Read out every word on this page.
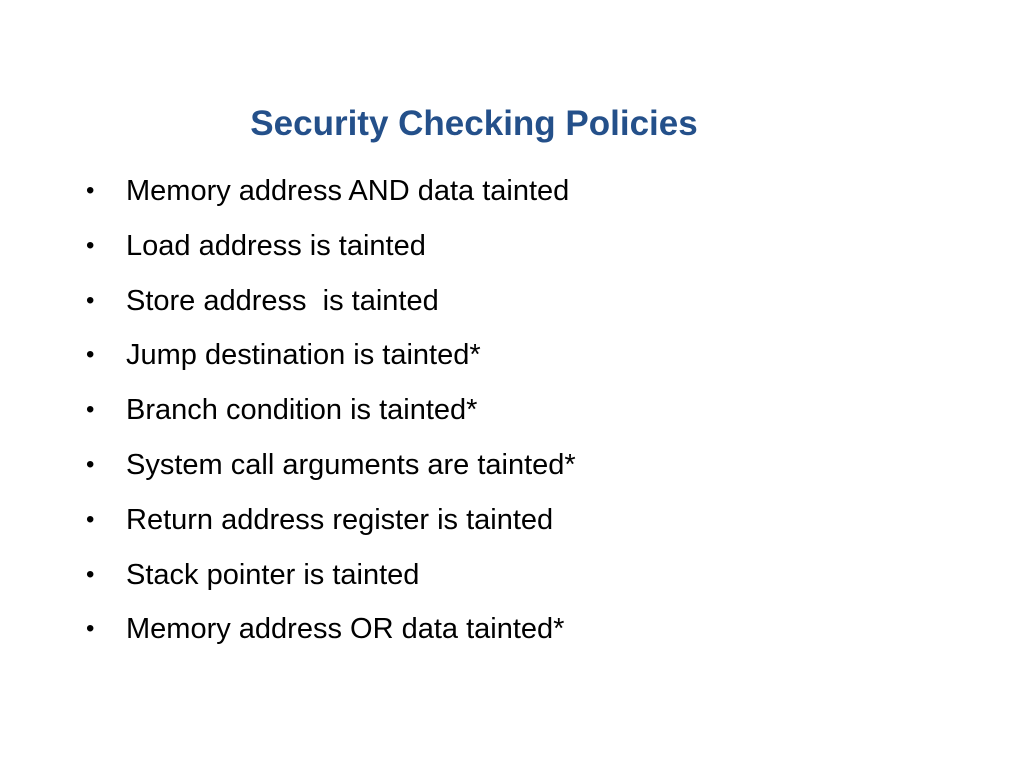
Security Checking Policies

•

	Memory address AND data tainted

•

	Load address is tainted

•

	Store address  is tainted

•

	Jump destination is tainted*

•

	Branch condition is tainted*

•

	System call arguments are tainted*

•

	Return address register is tainted

•

	Stack pointer is tainted

•

	Memory address OR data tainted*
